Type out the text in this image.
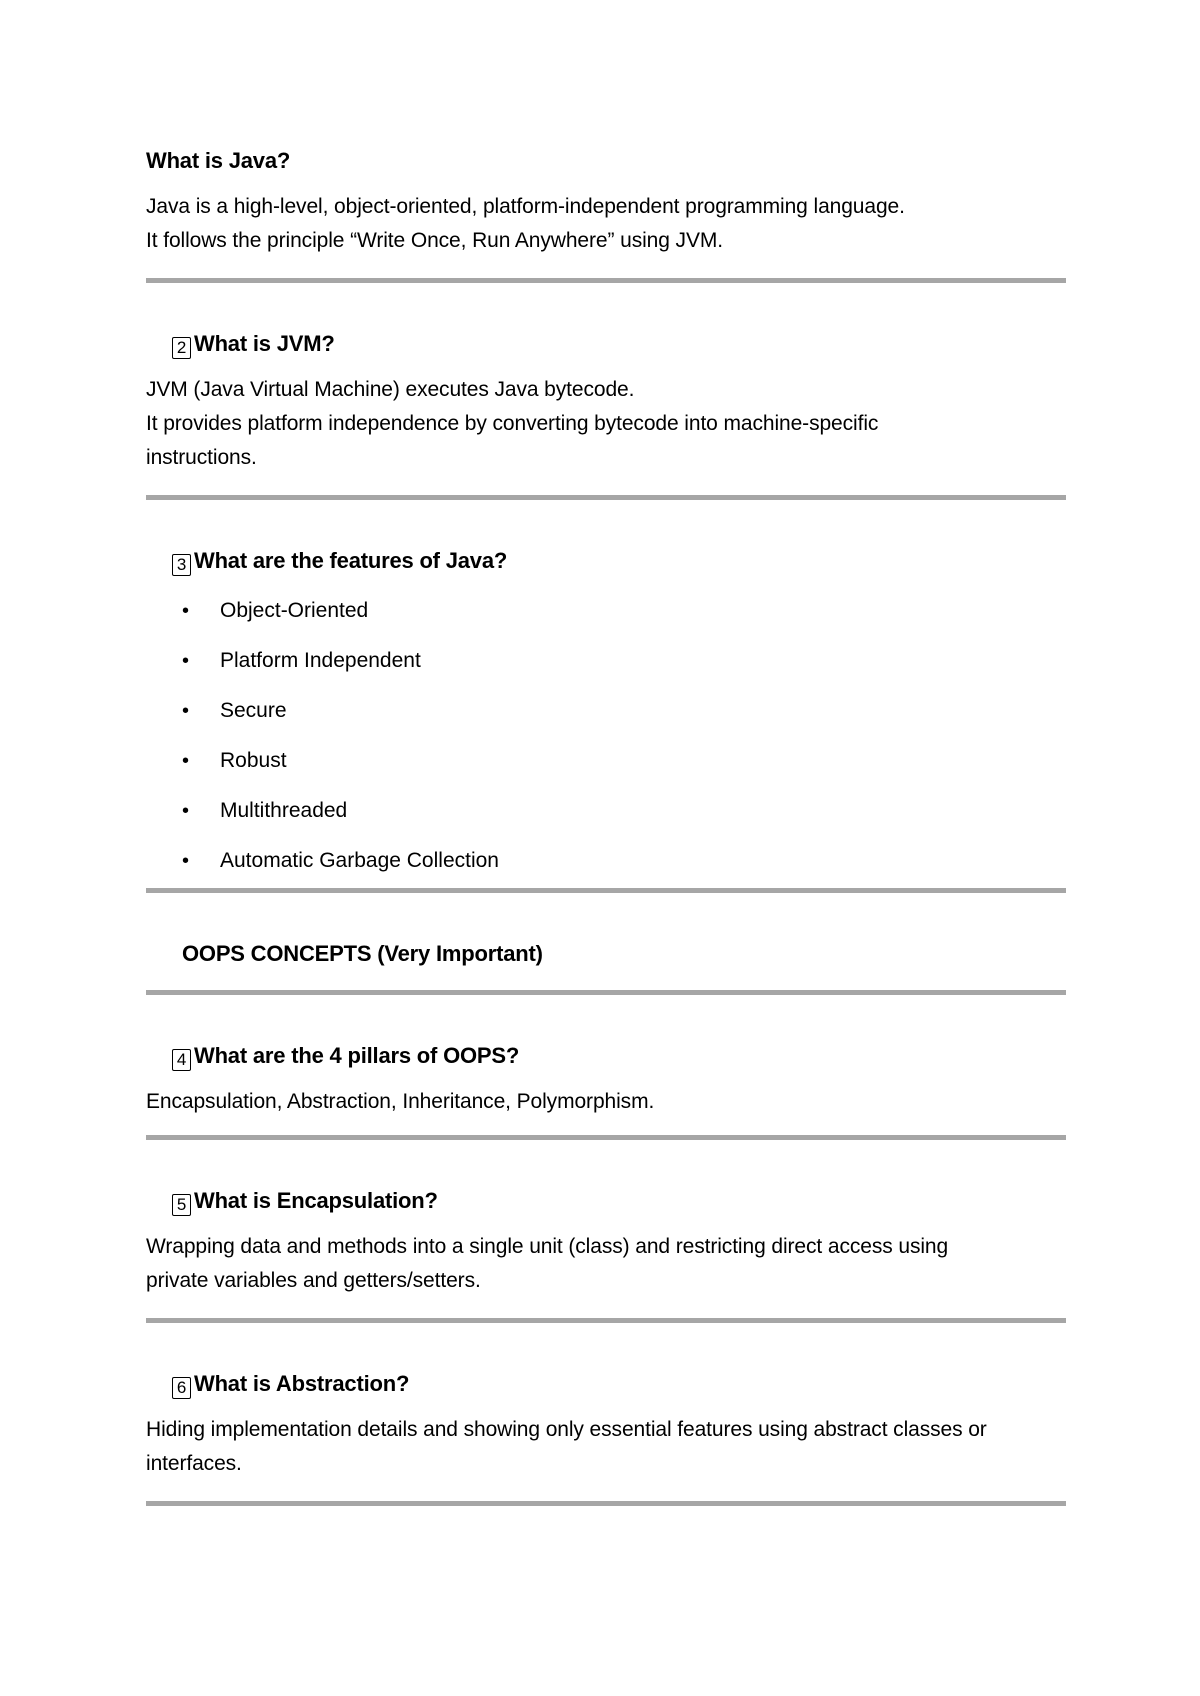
What is Java?

Java is a high-level, object-oriented, platform-independent programming language.
It follows the principle “Write Once, Run Anywhere” using JVM.

2 What is JVM?

JVM (Java Virtual Machine) executes Java bytecode.
It provides platform independence by converting bytecode into machine-specific
instructions.

3 What are the features of Java?

• Object-Oriented
• Platform Independent
• Secure
• Robust
• Multithreaded
• Automatic Garbage Collection

OOPS CONCEPTS (Very Important)

4 What are the 4 pillars of OOPS?

Encapsulation, Abstraction, Inheritance, Polymorphism.

5 What is Encapsulation?

Wrapping data and methods into a single unit (class) and restricting direct access using
private variables and getters/setters.

6 What is Abstraction?

Hiding implementation details and showing only essential features using abstract classes or
interfaces.
